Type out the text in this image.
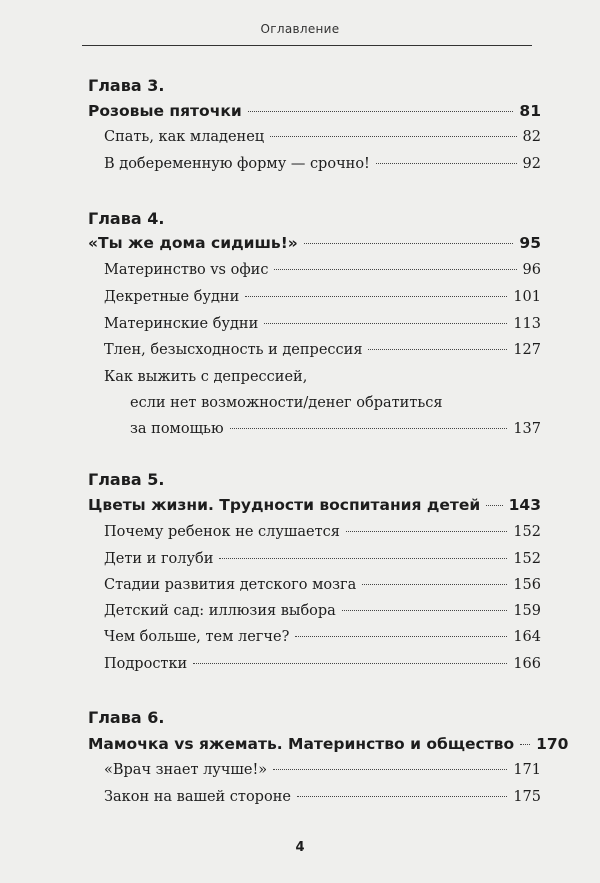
Оглавление
Глава 3.
Розовые пяточки	81
Спать, как младенец	82
В добеременную форму — срочно!	92
Глава 4.
«Ты же дома сидишь!»	95
Материнство vs офис	96
Декретные будни	101
Материнские будни	113
Тлен, безысходность и депрессия	127
Как выжить с депрессией,
если нет возможности/денег обратиться
за помощью	137
Глава 5.
Цветы жизни. Трудности воспитания детей 143
Почему ребенок не слушается	152
Дети и голуби	152
Стадии развития детского мозга	156
Детский сад: иллюзия выбора	159
Чем больше, тем легче?	164
Подростки	166
Глава 6.
Мамочка vs яжемать. Материнство и общество 170
«Врач знает лучше!»	171
Закон на вашей стороне	175
4
